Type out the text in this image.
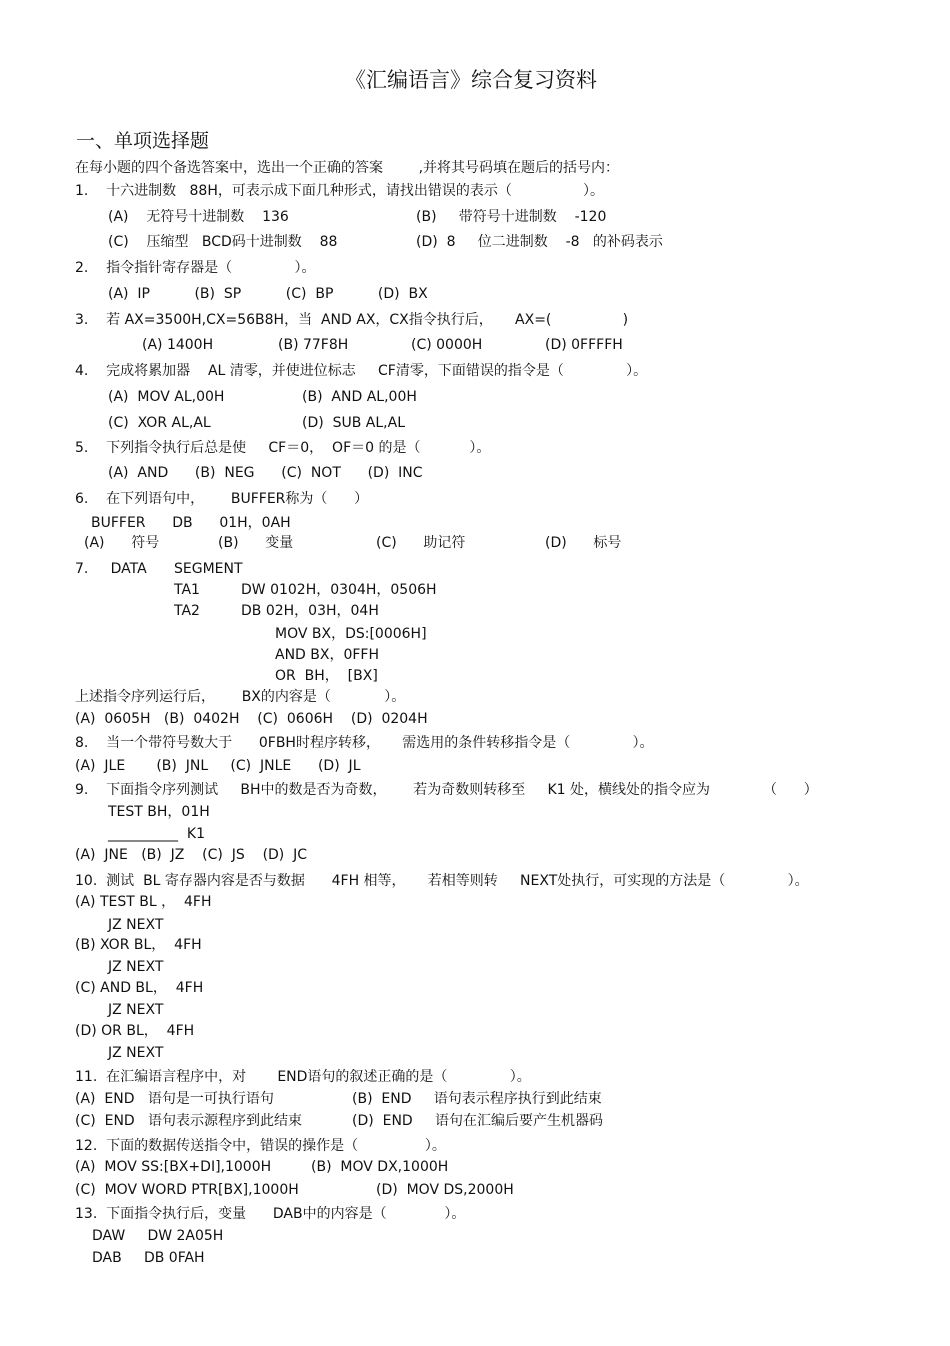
《汇编语言》综合复习资料
一、单项选择题
在每小题的四个备选答案中，选出一个正确的答案        ,并将其号码填在题后的括号内：
1.    十六进制数   88H，可表示成下面几种形式，请找出错误的表示（                ）。
(A)    无符号十进制数    136	(B)     带符号十进制数    -120
(C)    压缩型   BCD码十进制数    88	(D)  8     位二进制数    -8   的补码表示
2.    指令指针寄存器是（              ）。
(A)  IP          (B)  SP          (C)  BP          (D)  BX
3.    若 AX=3500H,CX=56B8H，当  AND AX，CX指令执行后，     AX=(                )
(A) 1400H	(B) 77F8H	(C) 0000H	(D) 0FFFFH
4.    完成将累加器    AL 清零，并使进位标志     CF清零，下面错误的指令是（              ）。
(A)  MOV AL,00H	(B)  AND AL,00H
(C)  XOR AL,AL	(D)  SUB AL,AL
5.    下列指令执行后总是使     CF＝0，  OF＝0 的是（           ）。
(A)  AND      (B)  NEG      (C)  NOT      (D)  INC
6.    在下列语句中，      BUFFER称为（      ）
BUFFER      DB      01H，0AH
(A)      符号	(B)      变量	(C)      助记符	(D)      标号
7.     DATA SEGMENT
TA1	DW 0102H，0304H，0506H
TA2	DB 02H，03H，04H
MOV BX，DS:[0006H]
AND BX，0FFH
OR  BH，  [BX]
上述指令序列运行后，      BX的内容是（            ）。
(A)  0605H   (B)  0402H    (C)  0606H    (D)  0204H
8.    当一个带符号数大于      0FBH时程序转移，     需选用的条件转移指令是（              ）。
(A)  JLE       (B)  JNL     (C)  JNLE      (D)  JL
9.    下面指令序列测试     BH中的数是否为奇数，      若为奇数则转移至     K1 处，横线处的指令应为	（      ）
TEST BH，01H
__________  K1
(A)  JNE   (B)  JZ    (C)  JS    (D)  JC
10.  测试  BL 寄存器内容是否与数据      4FH 相等，     若相等则转     NEXT处执行，可实现的方法是（              ）。
(A) TEST BL ，  4FH
JZ NEXT
(B) XOR BL，  4FH
JZ NEXT
(C) AND BL，  4FH
JZ NEXT
(D) OR BL，  4FH
JZ NEXT
11.  在汇编语言程序中，对       END语句的叙述正确的是（              ）。
(A)  END   语句是一可执行语句	(B)  END     语句表示程序执行到此结束
(C)  END   语句表示源程序到此结束	(D)  END     语句在汇编后要产生机器码
12.  下面的数据传送指令中，错误的操作是（               ）。
(A)  MOV SS:[BX+DI],1000H	(B)  MOV DX,1000H
(C)  MOV WORD PTR[BX],1000H	(D)  MOV DS,2000H
13.  下面指令执行后，变量      DAB中的内容是（             ）。
DAW     DW 2A05H
DAB     DB 0FAH
